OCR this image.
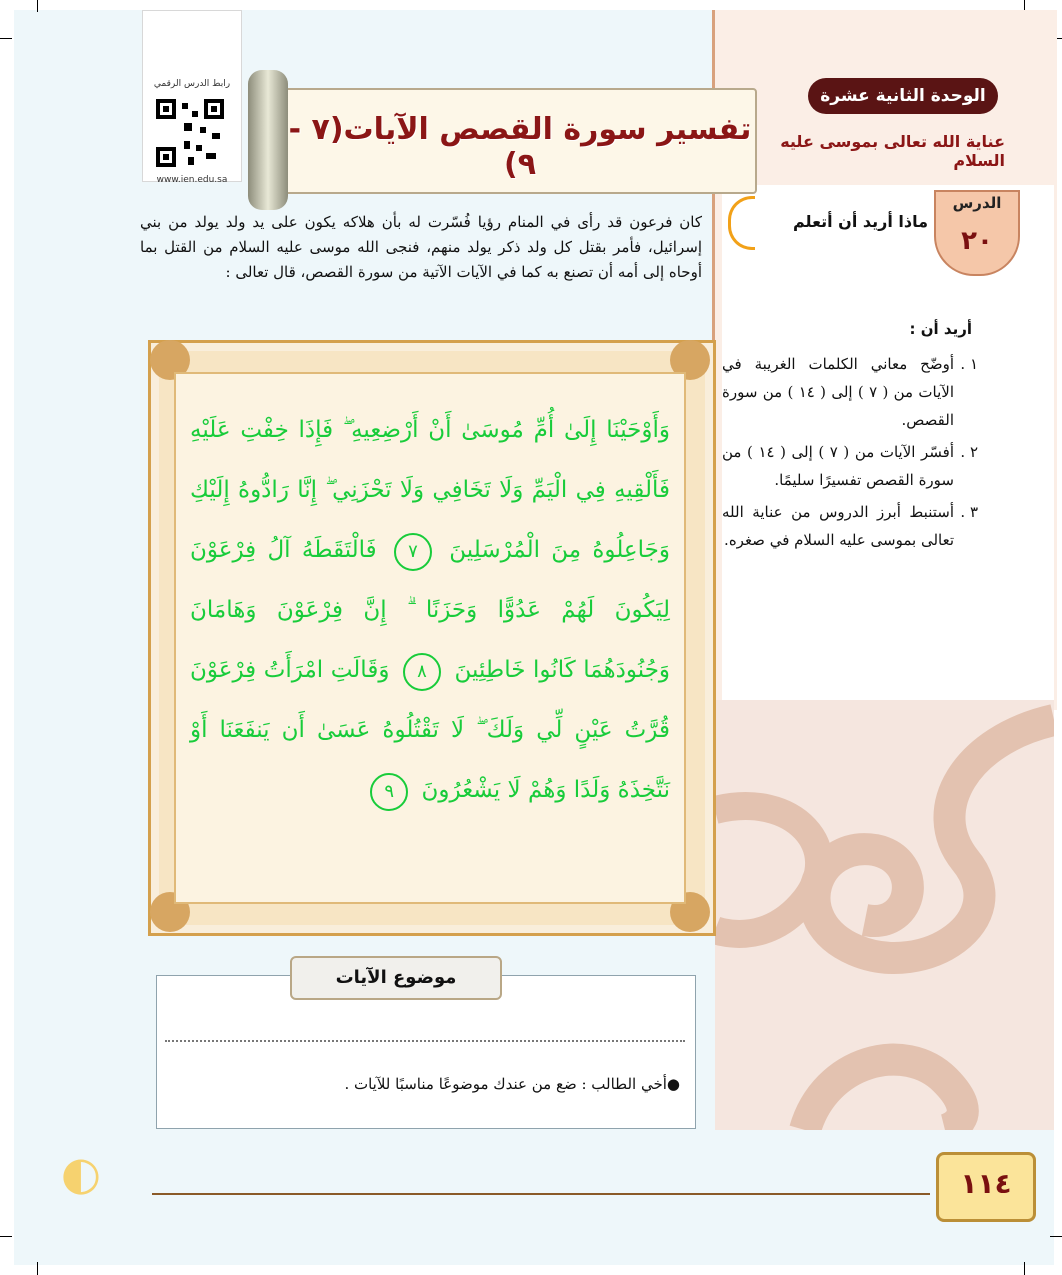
رابط الدرس الرقمي
www.ien.edu.sa
الوحدة الثانية عشرة
عناية الله تعالى بموسى عليه السلام
تفسير سورة القصص الآيات(٧ - ٩)
الدرس
٢٠
ماذا أريد أن أتعلم
كان فرعون قد رأى في المنام رؤيا فُسّرت له بأن هلاكه يكون على يد ولد يولد من بني إسرائيل، فأمر بقتل كل ولد ذكر يولد منهم، فنجى الله موسى عليه السلام من القتل بما أوحاه إلى أمه أن تصنع به كما في الآيات الآتية من سورة القصص، قال تعالى :
أريد أن :
١ .
أوضّح معاني الكلمات الغريبة في الآيات من ( ٧ ) إلى ( ١٤ ) من سورة القصص.
٢ .
أفسّر الآيات من ( ٧ ) إلى ( ١٤ ) من سورة القصص تفسيرًا سليمًا.
٣ .
أستنبط أبرز الدروس من عناية الله تعالى بموسى عليه السلام في صغره.
وَأَوْحَيْنَا إِلَىٰ أُمِّ مُوسَىٰ أَنْ أَرْضِعِيهِ ۖ فَإِذَا خِفْتِ عَلَيْهِ فَأَلْقِيهِ فِي الْيَمِّ وَلَا تَخَافِي وَلَا تَحْزَنِي ۖ إِنَّا رَادُّوهُ إِلَيْكِ وَجَاعِلُوهُ مِنَ الْمُرْسَلِينَ ٧ فَالْتَقَطَهُ آلُ فِرْعَوْنَ لِيَكُونَ لَهُمْ عَدُوًّا وَحَزَنًا ۗ إِنَّ فِرْعَوْنَ وَهَامَانَ وَجُنُودَهُمَا كَانُوا خَاطِئِينَ ٨ وَقَالَتِ امْرَأَتُ فِرْعَوْنَ قُرَّتُ عَيْنٍ لِّي وَلَكَ ۖ لَا تَقْتُلُوهُ عَسَىٰ أَن يَنفَعَنَا أَوْ نَتَّخِذَهُ وَلَدًا وَهُمْ لَا يَشْعُرُونَ ٩
موضوع الآيات
●أخي الطالب : ضع من عندك موضوعًا مناسبًا للآيات .
١١٤
◐
